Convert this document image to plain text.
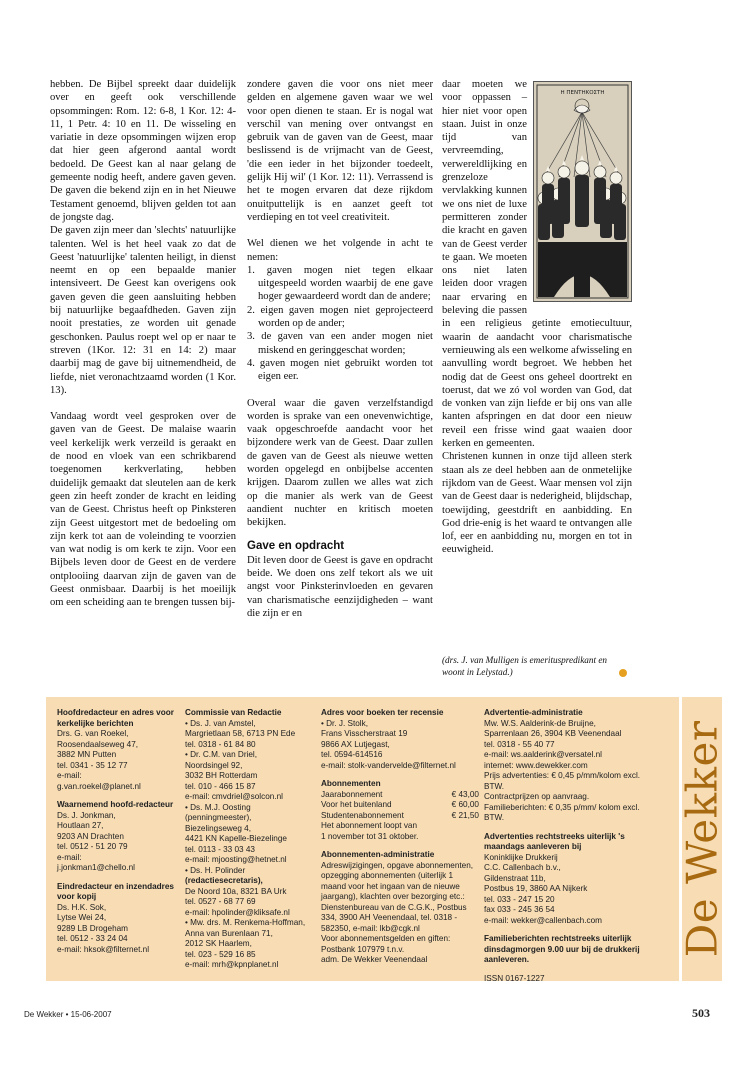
hebben. De Bijbel spreekt daar duidelijk over en geeft ook verschillende opsommingen: Rom. 12: 6-8, 1 Kor. 12: 4-11, 1 Petr. 4: 10 en 11. De wisseling en variatie in deze opsommingen wijzen erop dat hier geen afgerond aantal wordt bedoeld. De Geest kan al naar gelang de gemeente nodig heeft, andere gaven geven. De gaven die bekend zijn en in het Nieuwe Testament genoemd, blijven gelden tot aan de jongste dag.

De gaven zijn meer dan 'slechts' natuurlijke talenten. Wel is het heel vaak zo dat de Geest 'natuurlijke' talenten heiligt, in dienst neemt en op een bepaalde manier intensiveert. De Geest kan overigens ook gaven geven die geen aansluiting hebben bij natuurlijke begaafdheden. Gaven zijn nooit prestaties, ze worden uit genade geschonken. Paulus roept wel op er naar te streven (1Kor. 12: 31 en 14: 2) maar daarbij mag de gave bij uitnemendheid, de liefde, niet veronachtzaamd worden (1 Kor. 13).

Vandaag wordt veel gesproken over de gaven van de Geest. De malaise waarin veel kerkelijk werk verzeild is geraakt en de nood en vloek van een schrikbarend toegenomen kerkverlating, hebben duidelijk gemaakt dat sleutelen aan de kerk geen zin heeft zonder de kracht en leiding van de Geest. Christus heeft op Pinksteren zijn Geest uitgestort met de bedoeling om zijn kerk tot aan de voleinding te voorzien van wat nodig is om kerk te zijn. Voor een Bijbels leven door de Geest en de verdere ontplooiing daarvan zijn de gaven van de Geest onmisbaar. Daarbij is het moeilijk om een scheiding aan te brengen tussen bij-

zondere gaven die voor ons niet meer gelden en algemene gaven waar we wel voor open dienen te staan. Er is nogal wat verschil van mening over ontvangst en gebruik van de gaven van de Geest, maar beslissend is de vrijmacht van de Geest, 'die een ieder in het bijzonder toedeelt, gelijk Hij wil' (1 Kor. 12: 11). Verrassend is het te mogen ervaren dat deze rijkdom onuitputtelijk is en aanzet geeft tot verdieping en tot veel creativiteit.

Wel dienen we het volgende in acht te nemen:

1. gaven mogen niet tegen elkaar uitgespeeld worden waarbij de ene gave hoger gewaardeerd wordt dan de andere;
2. eigen gaven mogen niet geprojecteerd worden op de ander;
3. de gaven van een ander mogen niet miskend en geringgeschat worden;
4. gaven mogen niet gebruikt worden tot eigen eer.

Overal waar die gaven verzelfstandigd worden is sprake van een onevenwichtige, vaak opgeschroefde aandacht voor het bijzondere werk van de Geest. Daar zullen de gaven van de Geest als nieuwe wetten worden opgelegd en onbijbelse accenten krijgen. Daarom zullen we alles wat zich op die manier als werk van de Geest aandient nuchter en kritisch moeten bekijken.

Gave en opdracht

Dit leven door de Geest is gave en opdracht beide. We doen ons zelf tekort als we uit angst voor Pinksterinvloeden en gevaren van charismatische eenzijdigheden – want die zijn er en

Η ΠΕΝΤΗΚΟΣΤΗ

daar moeten we voor oppassen – hier niet voor open staan. Juist in onze tijd van vervreemding, verwereldlijking en grenzeloze vervlakking kunnen we ons niet de luxe permitteren zonder die kracht en gaven van de Geest verder te gaan. We moeten ons niet laten leiden door vragen naar ervaring en beleving die passen in een religieus getinte emotiecultuur, waarin de aandacht voor charismatische vernieuwing als een welkome afwisseling en aanvulling wordt begroet. We hebben het nodig dat de Geest ons geheel doortrekt en toerust, dat we zó vol worden van God, dat de vonken van zijn liefde er bij ons van alle kanten afspringen en dat door een nieuw reveil een frisse wind gaat waaien door kerken en gemeenten.

Christenen kunnen in onze tijd alleen sterk staan als ze deel hebben aan de onmetelijke rijkdom van de Geest. Waar mensen vol zijn van de Geest daar is nederigheid, blijdschap, toewijding, geestdrift en aanbidding. En God drie-enig is het waard te ontvangen alle lof, eer en aanbidding nu, morgen en tot in eeuwigheid.

(drs. J. van Mulligen is emerituspredikant en woont in Lelystad.)
Hoofdredacteur en adres voor kerkelijke berichten
Drs. G. van Roekel,
Roosendaalseweg 47,
3882 MN Putten
tel. 0341 - 35 12 77
e-mail:
g.van.roekel@planet.nl
Waarnemend hoofd-redacteur
Ds. J. Jonkman,
Houtlaan 27,
9203 AN Drachten
tel. 0512 - 51 20 79
e-mail:
j.jonkman1@chello.nl
Eindredacteur en inzendadres voor kopij
Ds. H.K. Sok,
Lytse Wei 24,
9289 LB Drogeham
tel. 0512 - 33 24 04
e-mail: hksok@filternet.nl
Commissie van Redactie
• Ds. J. van Amstel,
Margrietlaan 58, 6713 PN Ede
tel. 0318 - 61 84 80
• Dr. C.M. van Driel,
Noordsingel 92,
3032 BH Rotterdam
tel. 010 - 466 15 87
e-mail: cmvdriel@solcon.nl
• Ds. M.J. Oosting
(penningmeester),
Biezelingseweg 4,
4421 KN Kapelle-Biezelinge
tel. 0113 - 33 03 43
e-mail: mjoosting@hetnet.nl
• Ds. H. Polinder
(redactiesecretaris),
De Noord 10a, 8321 BA Urk
tel. 0527 - 68 77 69
e-mail: hpolinder@kliksafe.nl
• Mw. drs. M. Renkema-Hoffman,
Anna van Burenlaan 71,
2012 SK Haarlem,
tel. 023 - 529 16 85
e-mail: mrh@kpnplanet.nl
Adres voor boeken ter recensie
• Dr. J. Stolk,
Frans Visscherstraat 19
9866 AX Lutjegast,
tel. 0594-614516
e-mail: stolk-vandervelde@filternet.nl
Abonnementen
Jaarabonnement	€ 43,00
Voor het buitenland	€ 60,00
Studentenabonnement	€ 21,50
Het abonnement loopt van
1 november tot 31 oktober.
Abonnementen-administratie
Adreswijzigingen, opgave abonnementen, opzegging abonnementen (uiterlijk 1 maand voor het ingaan van de nieuwe jaargang), klachten over bezorging etc.: Dienstenbureau van de C.G.K., Postbus 334, 3900 AH Veenendaal, tel. 0318 - 582350, e-mail: lkb@cgk.nl
Voor abonnementsgelden en giften: Postbank 107979 t.n.v.
adm. De Wekker Veenendaal
Advertentie-administratie
Mw. W.S. Aalderink-de Bruijne,
Sparrenlaan 26, 3904 KB Veenendaal
tel. 0318 - 55 40 77
e-mail: ws.aalderink@versatel.nl
internet: www.dewekker.com
Prijs advertenties: € 0,45 p/mm/kolom excl. BTW.
Contractprijzen op aanvraag.
Familieberichten: € 0,35 p/mm/ kolom excl. BTW.
Advertenties rechtstreeks uiterlijk 's maandags aanleveren bij
Koninklijke Drukkerij
C.C. Callenbach b.v.,
Gildenstraat 11b,
Postbus 19, 3860 AA Nijkerk
tel. 033 - 247 15 20
fax 033 - 245 36 54
e-mail: wekker@callenbach.com
Familieberichten rechtstreeks uiterlijk dinsdagmorgen 9.00 uur bij de drukkerij aanleveren.
ISSN 0167-1227
De Wekker
De Wekker • 15-06-2007	503
